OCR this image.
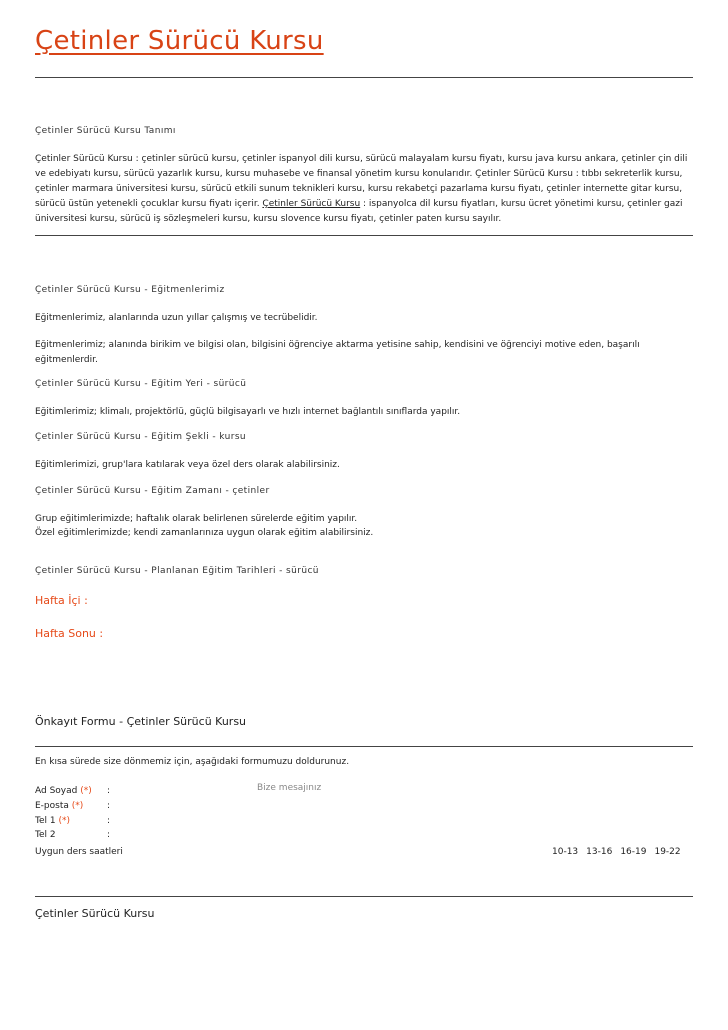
Çetinler Sürücü Kursu
Çetinler Sürücü Kursu Tanımı
Çetinler Sürücü Kursu : çetinler sürücü kursu, çetinler ispanyol dili kursu, sürücü malayalam kursu fiyatı, kursu java kursu ankara, çetinler çin dili ve edebiyatı kursu, sürücü yazarlık kursu, kursu muhasebe ve finansal yönetim kursu konularıdır. Çetinler Sürücü Kursu : tıbbı sekreterlik kursu, çetinler marmara üniversitesi kursu, sürücü etkili sunum teknikleri kursu, kursu rekabetçi pazarlama kursu fiyatı, çetinler internette gitar kursu, sürücü üstün yetenekli çocuklar kursu fiyatı içerir. Çetinler Sürücü Kursu : ispanyolca dil kursu fiyatları, kursu ücret yönetimi kursu, çetinler gazi üniversitesi kursu, sürücü iş sözleşmeleri kursu, kursu slovence kursu fiyatı, çetinler paten kursu sayılır.
Çetinler Sürücü Kursu - Eğitmenlerimiz
Eğitmenlerimiz, alanlarında uzun yıllar çalışmış ve tecrübelidir.
Eğitmenlerimiz; alanında birikim ve bilgisi olan, bilgisini öğrenciye aktarma yetisine sahip, kendisini ve öğrenciyi motive eden, başarılı eğitmenlerdir.
Çetinler Sürücü Kursu - Eğitim Yeri - sürücü
Eğitimlerimiz; klimalı, projektörlü, güçlü bilgisayarlı ve hızlı internet bağlantılı sınıflarda yapılır.
Çetinler Sürücü Kursu - Eğitim Şekli - kursu
Eğitimlerimizi, grup'lara katılarak veya özel ders olarak alabilirsiniz.
Çetinler Sürücü Kursu - Eğitim Zamanı - çetinler
Grup eğitimlerimizde; haftalık olarak belirlenen sürelerde eğitim yapılır.
Özel eğitimlerimizde; kendi zamanlarınıza uygun olarak eğitim alabilirsiniz.
Çetinler Sürücü Kursu - Planlanan Eğitim Tarihleri - sürücü
Hafta İçi :
Hafta Sonu :
Önkayıt Formu - Çetinler Sürücü Kursu
En kısa sürede size dönmemiz için, aşağıdaki formumuzu doldurunuz.
Ad Soyad (*) :
E-posta (*)	:
Tel 1 (*)	:
Tel 2	:
Bize mesajınız
Uygun ders saatleri	10-13 13-16 16-19 19-22
Çetinler Sürücü Kursu
